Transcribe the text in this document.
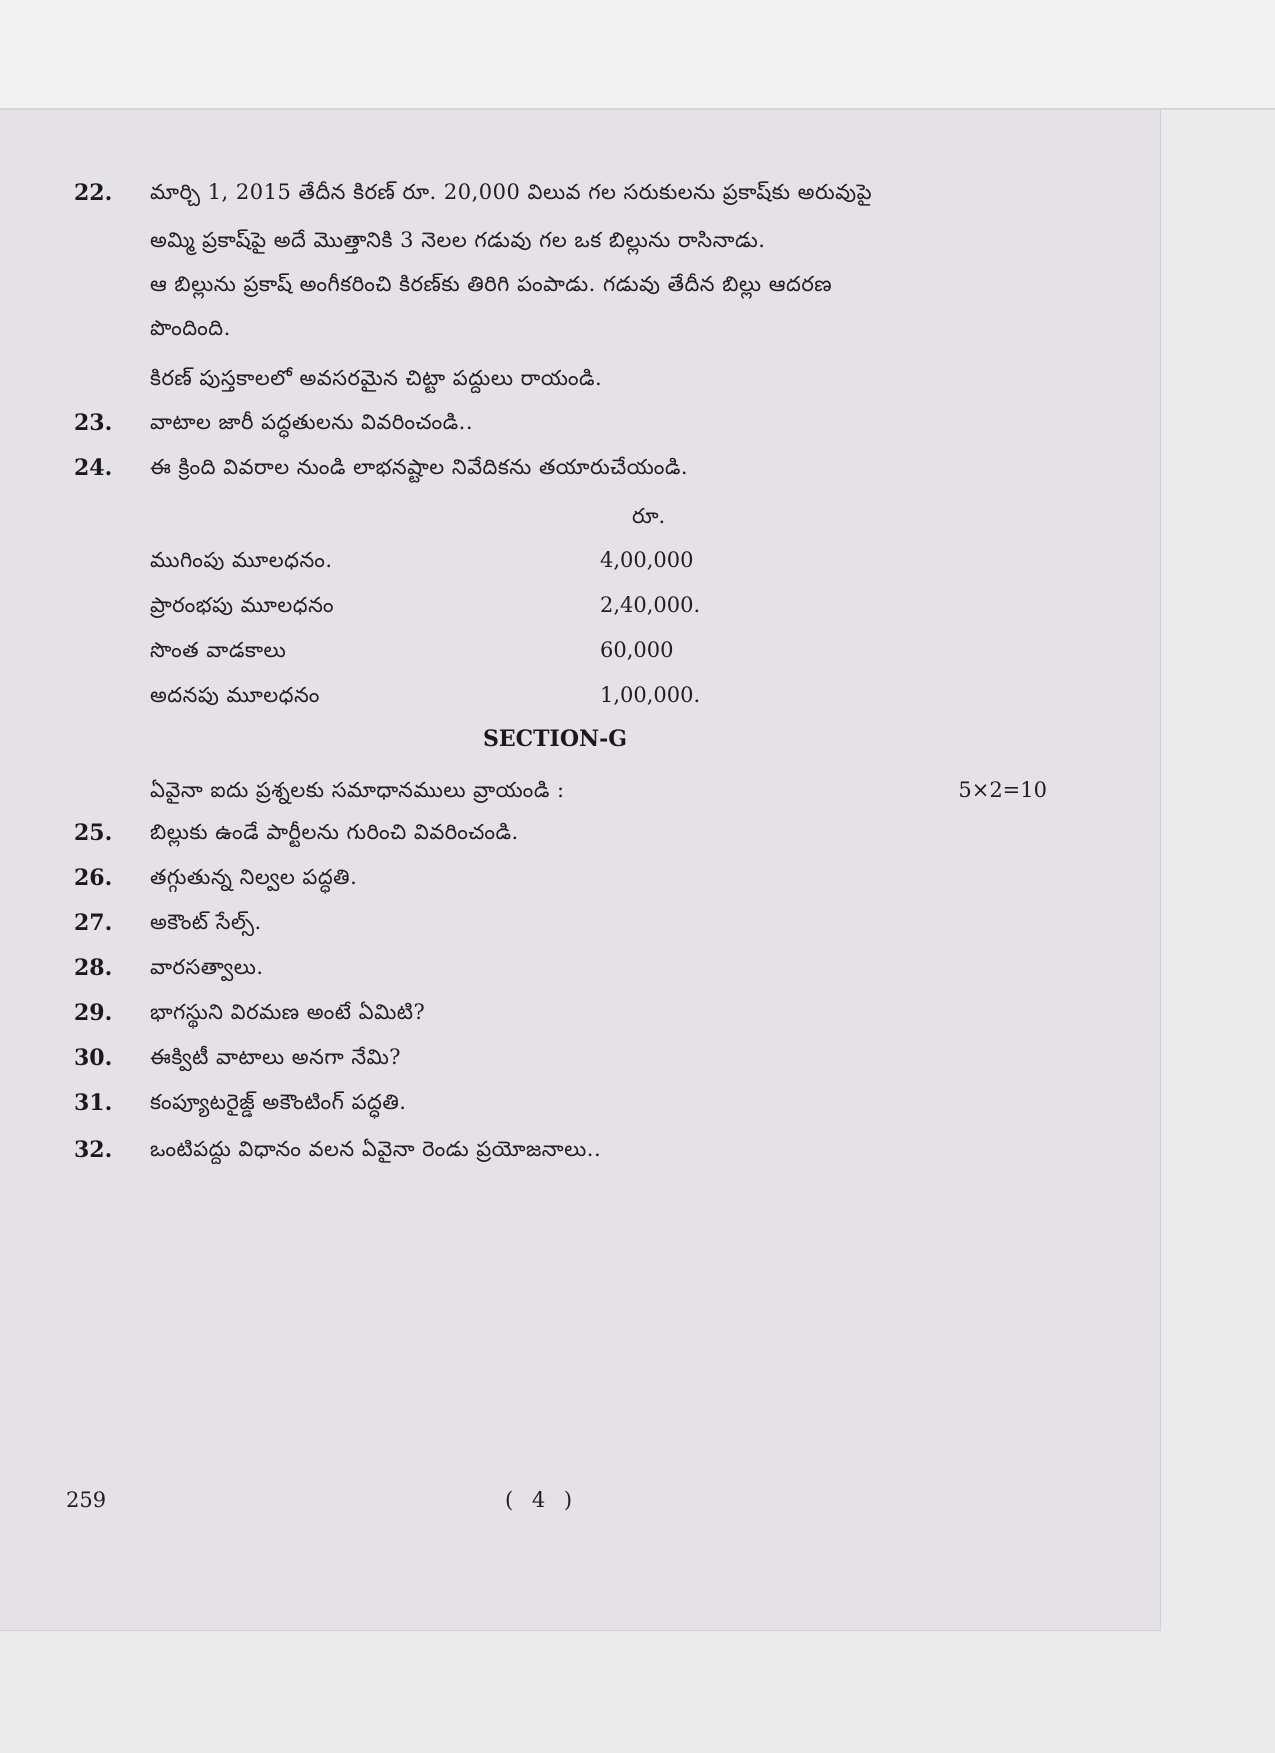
22.	మార్చి 1, 2015 తేదీన కిరణ్ రూ. 20,000 విలువ గల సరుకులను ప్రకాష్‌కు అరువుపై
అమ్మి ప్రకాష్‌పై అదే మొత్తానికి 3 నెలల గడువు గల ఒక బిల్లును రాసినాడు.
ఆ బిల్లును ప్రకాష్ అంగీకరించి కిరణ్‌కు తిరిగి పంపాడు. గడువు తేదీన బిల్లు ఆదరణ
పొందింది.
కిరణ్ పుస్తకాలలో అవసరమైన చిట్టా పద్దులు రాయండి.
23.	వాటాల జారీ పద్ధతులను వివరించండి..
24.	ఈ క్రింది వివరాల నుండి లాభనష్టాల నివేదికను తయారుచేయండి.
రూ.
ముగింపు మూలధనం.	4,00,000
ప్రారంభపు మూలధనం	2,40,000.
సొంత వాడకాలు	60,000
అదనపు మూలధనం	1,00,000.
SECTION-G
ఏవైనా ఐదు ప్రశ్నలకు సమాధానములు వ్రాయండి :	5×2=10
25.	బిల్లుకు ఉండే పార్టీలను గురించి వివరించండి.
26.	తగ్గుతున్న నిల్వల పద్ధతి.
27.	అకౌంట్ సేల్స్.
28.	వారసత్వాలు.
29.	భాగస్థుని విరమణ అంటే ఏమిటి?
30.	ఈక్విటీ వాటాలు అనగా నేమి?
31.	కంప్యూటరైజ్డ్ అకౌంటింగ్ పద్ధతి.
32.	ఒంటిపద్దు విధానం వలన ఏవైనా రెండు ప్రయోజనాలు..
259	( 4 )
